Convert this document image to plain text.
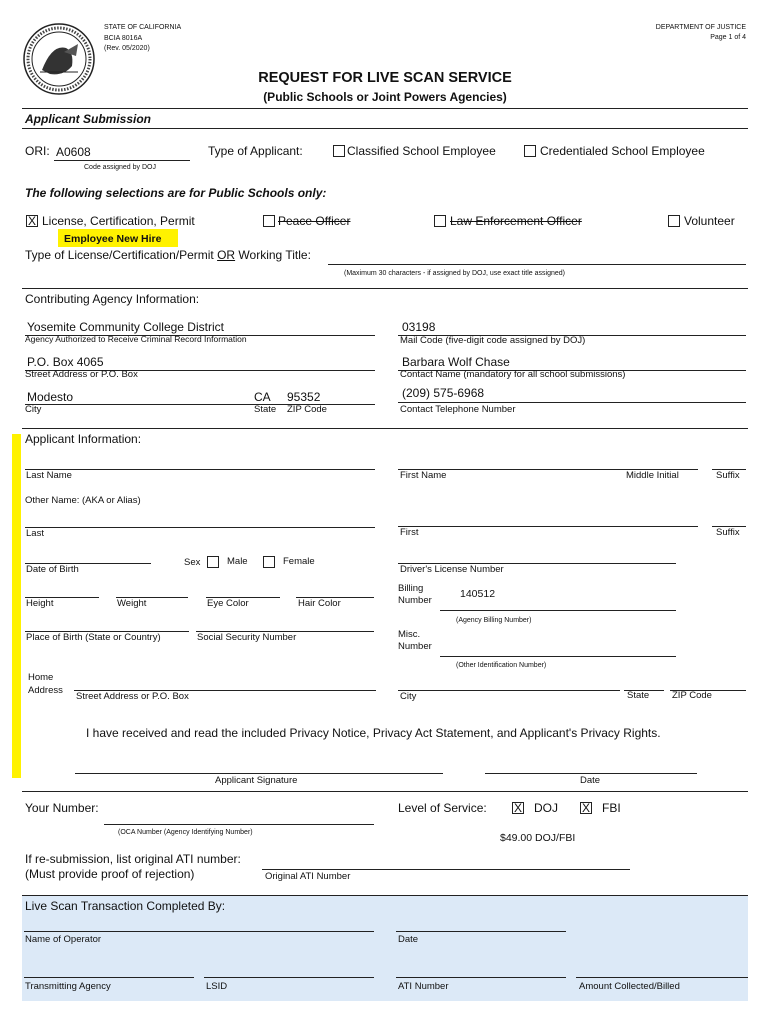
STATE OF CALIFORNIA
BCIA 8016A
(Rev. 05/2020)
DEPARTMENT OF JUSTICE
Page 1 of 4
REQUEST FOR LIVE SCAN SERVICE
(Public Schools or Joint Powers Agencies)
Applicant Submission
ORI: A0608
Code assigned by DOJ
Type of Applicant:	Classified School Employee	Credentialed School Employee
The following selections are for Public Schools only:
X License, Certification, Permit	Peace Officer	Law Enforcement Officer	Volunteer
Employee New Hire
Type of License/Certification/Permit OR Working Title:
(Maximum 30 characters - if assigned by DOJ, use exact title assigned)
Contributing Agency Information:
Yosemite Community College District
Agency Authorized to Receive Criminal Record Information
03198
Mail Code (five-digit code assigned by DOJ)
P.O. Box 4065
Street Address or P.O. Box
Barbara Wolf Chase
Contact Name (mandatory for all school submissions)
Modesto
City
CA
State
95352
ZIP Code
(209) 575-6968
Contact Telephone Number
Applicant Information:
Last Name	First Name	Middle Initial	Suffix
Other Name: (AKA or Alias)
Last	First	Suffix
Date of Birth
Sex	Male	Female
Driver's License Number
Height	Weight	Eye Color	Hair Color
Billing
Number
140512
(Agency Billing Number)
Place of Birth (State or Country)	Social Security Number	Misc.
Number
(Other Identification Number)
Home
Address
Street Address or P.O. Box	City	State ZIP Code
I have received and read the included Privacy Notice, Privacy Act Statement, and Applicant's Privacy Rights.
Applicant Signature	Date
Your Number:
(OCA Number (Agency Identifying Number)
Level of Service: X DOJ X FBI
$49.00 DOJ/FBI
If re-submission, list original ATI number:
(Must provide proof of rejection)	Original ATI Number
Live Scan Transaction Completed By:
Name of Operator	Date
Transmitting Agency	LSID	ATI Number	Amount Collected/Billed
